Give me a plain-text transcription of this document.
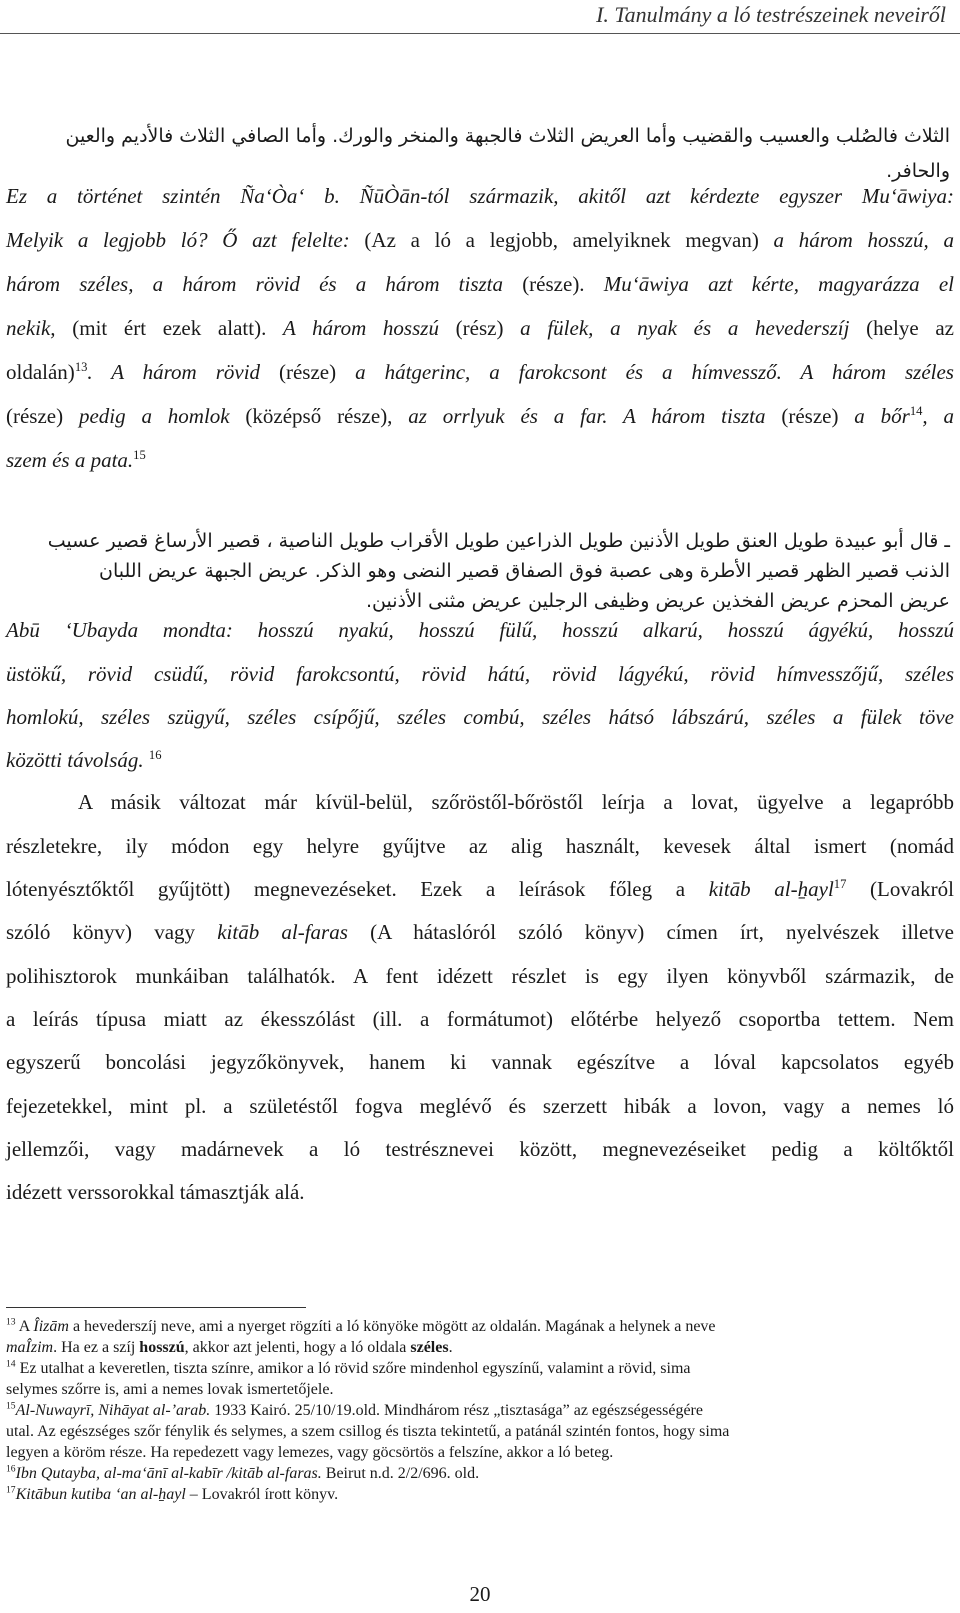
I. Tanulmány a ló testrészeinek neveiről
الثلاث فالصُلب والعسيب والقضيب وأما العريض الثلاث فالجبهة والمنخر والورك. وأما الصافي الثلاث فالأديم والعين
والحافر.
Ez a történet szintén Ña‘Òa‘ b. ÑūÒān-tól származik, akitől azt kérdezte egyszer Mu‘āwiya:
Melyik a legjobb ló? Ő azt felelte: (Az a ló a legjobb, amelyiknek megvan) a három hosszú, a
három széles, a három rövid és a három tiszta (része). Mu‘āwiya azt kérte, magyarázza el
nekik, (mit ért ezek alatt). A három hosszú (rész) a fülek, a nyak és a hevederszíj (helye az
oldalán)$^{13}$. A három rövid (része) a hátgerinc, a farokcsont és a hímvessző. A három széles
(része) pedig a homlok (középső része), az orrlyuk és a far. A három tiszta (része) a bőr$^{14}$, a
szem és a pata.$^{15}$
ـ قال أبو عبيدة طويل العنق طويل الأذنين طويل الذراعين طويل الأقراب طويل الناصية ، قصير الأرساغ قصير عسيب
الذنب قصير الظهر قصير الأطرة وهى عصبة فوق الصفاق قصير النضى وهو الذكر. عريض الجبهة عريض اللبان
عريض المحزم عريض الفخذين عريض وظيفى الرجلين عريض مثنى الأذنين.
Abū ‘Ubayda mondta: hosszú nyakú, hosszú fülű, hosszú alkarú, hosszú ágyékú, hosszú
üstökű, rövid csüdű, rövid farokcsontú, rövid hátú, rövid lágyékú, rövid hímvesszőjű, széles
homlokú, széles szügyű, széles csípőjű, széles combú, széles hátsó lábszárú, széles a fülek töve
közötti távolság. $^{16}$
A másik változat már kívül-belül, szőröstől-bőröstől leírja a lovat, ügyelve a legapróbb
részletekre, ily módon egy helyre gyűjtve az alig használt, kevesek által ismert (nomád
lótenyésztőktől gyűjtött) megnevezéseket. Ezek a leírások főleg a kitāb al-ẖayl$^{17}$ (Lovakról
szóló könyv) vagy kitāb al-faras (A hátaslóról szóló könyv) címen írt, nyelvészek illetve
polihisztorok munkáiban találhatók. A fent idézett részlet is egy ilyen könyvből származik, de
a leírás típusa miatt az ékesszólást (ill. a formátumot) előtérbe helyező csoportba tettem. Nem
egyszerű boncolási jegyzőkönyvek, hanem ki vannak egészítve a lóval kapcsolatos egyéb
fejezetekkel, mint pl. a születéstől fogva meglévő és szerzett hibák a lovon, vagy a nemes ló
jellemzői, vagy madárnevek a ló testrésznevei között, megnevezéseiket pedig a költőktől
idézett verssorokkal támasztják alá.
$^{13}$ A Îizām a hevederszíj neve, ami a nyerget rögzíti a ló könyöke mögött az oldalán. Magának a helynek a neve
maÎzim. Ha ez a szíj hosszú, akkor azt jelenti, hogy a ló oldala széles.
$^{14}$ Ez utalhat a keveretlen, tiszta színre, amikor a ló rövid szőre mindenhol egyszínű, valamint a rövid, sima
selymes szőrre is, ami a nemes lovak ismertetőjele.
$^{15}$Al-Nuwayrī, Nihāyat al-’arab. 1933 Kairó. 25/10/19.old. Mindhárom rész „tisztasága” az egészségességére
utal. Az egészséges szőr fénylik és selymes, a szem csillog és tiszta tekintetű, a patánál szintén fontos, hogy sima
legyen a köröm része. Ha repedezett vagy lemezes, vagy göcsörtös a felszíne, akkor a ló beteg.
$^{16}$Ibn Qutayba, al-ma‘ānī al-kabīr /kitāb al-faras. Beirut n.d. 2/2/696. old.
$^{17}$Kitābun kutiba ‘an al-ẖayl – Lovakról írott könyv.
20
